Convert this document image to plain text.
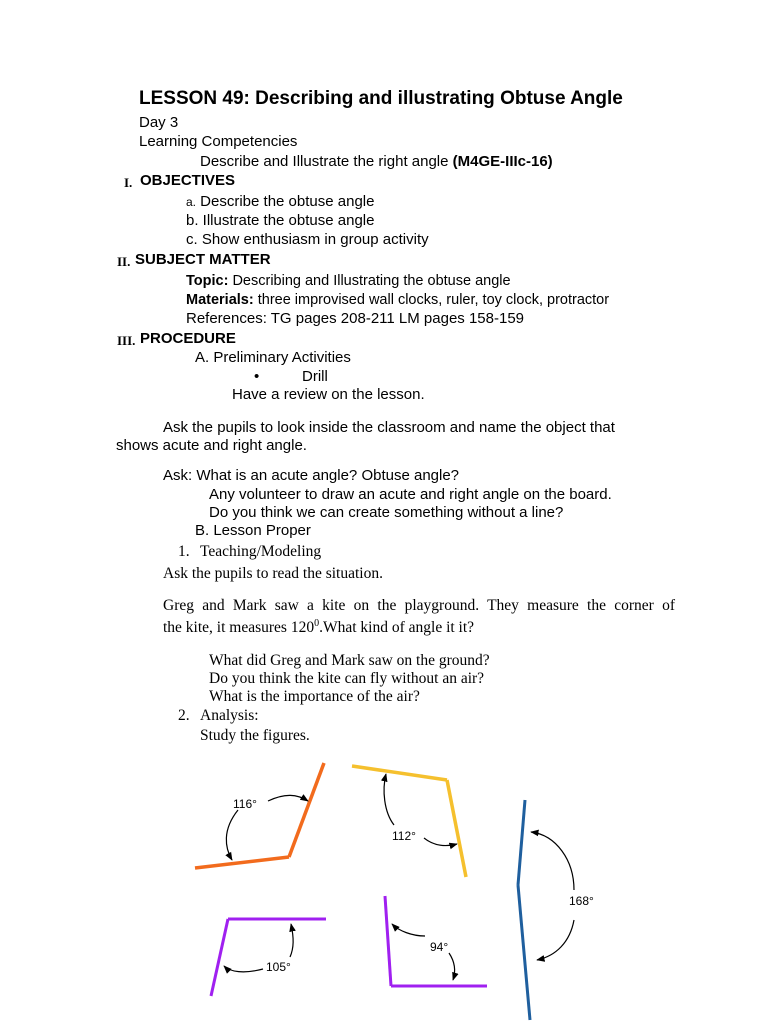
LESSON 49: Describing and illustrating Obtuse Angle
Day 3
Learning Competencies
Describe and Illustrate the right angle (M4GE-IIIc-16)
I. OBJECTIVES
a. Describe the obtuse angle
b. Illustrate the obtuse angle
c. Show enthusiasm in group activity
II. SUBJECT MATTER
Topic: Describing and Illustrating the obtuse angle
Materials: three improvised wall clocks, ruler, toy clock, protractor
References: TG pages 208-211 LM pages 158-159
III. PROCEDURE
A. Preliminary Activities
•	Drill
Have a review on the lesson.
Ask the pupils to look inside the classroom and name the object that
shows acute and right angle.
Ask: What is an acute angle? Obtuse angle?
Any volunteer to draw an acute and right angle on the board.
Do you think we can create something without a line?
B. Lesson Proper
1. Teaching/Modeling
Ask the pupils to read the situation.
Greg and Mark saw a kite on the playground. They measure the corner of
the kite, it measures $120^0.What$ kind of angle it it?
What did Greg and Mark saw on the ground?
Do you think the kite can fly without an air?
What is the importance of the air?
2. Analysis:
Study the figures.
116°
112°
168°
105°
94°
